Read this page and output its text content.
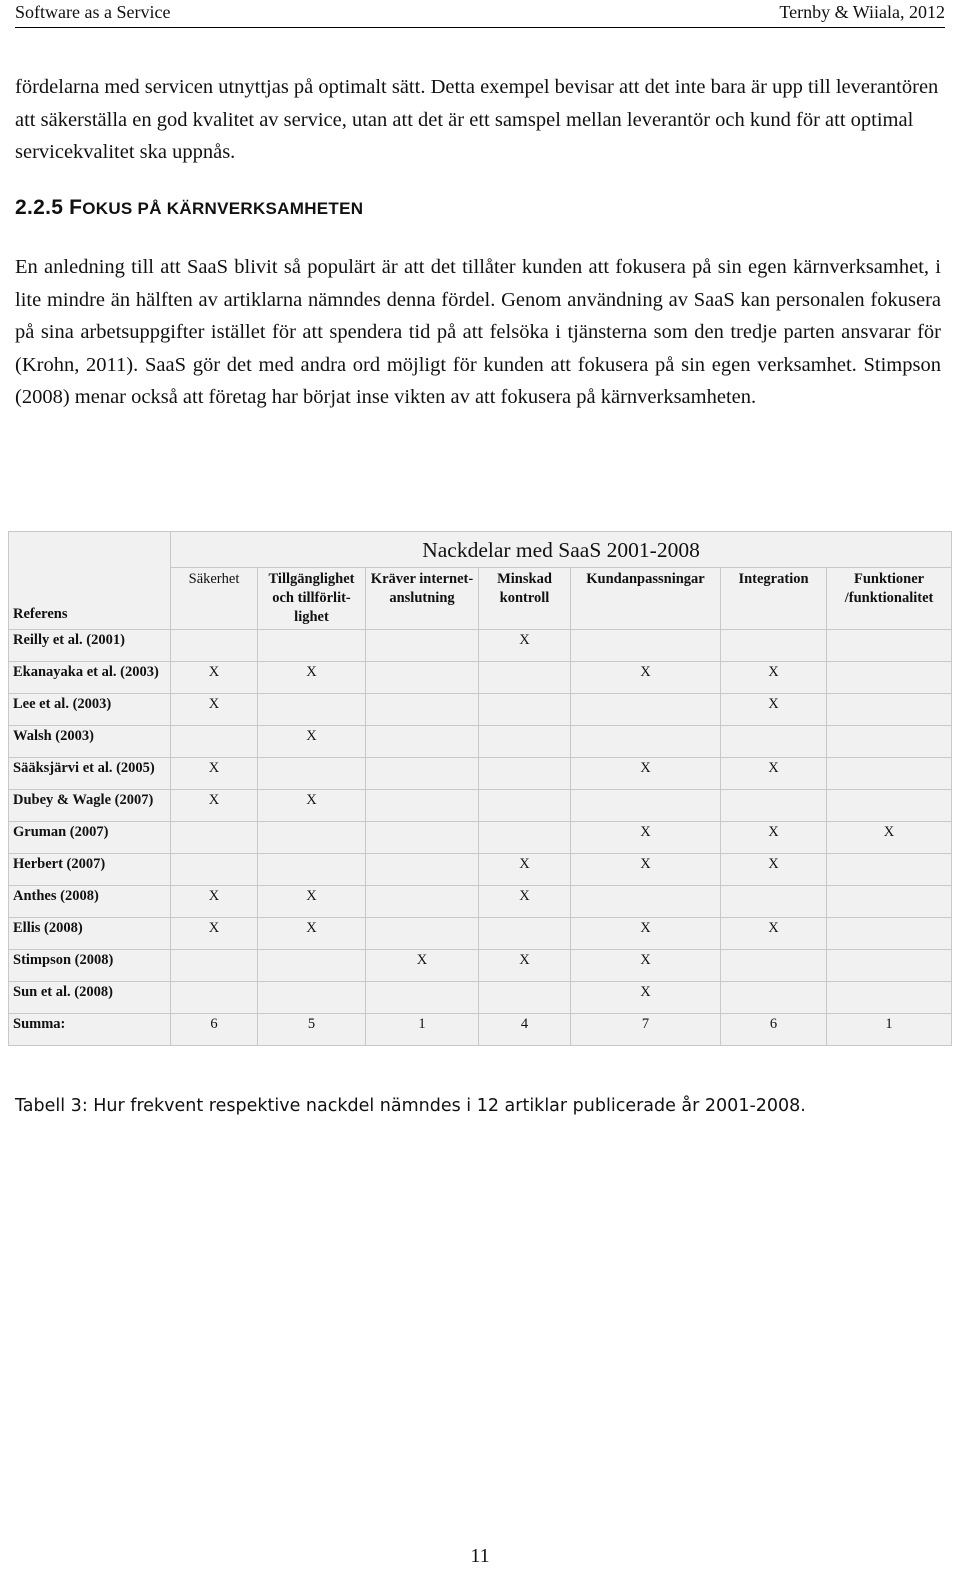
Software as a Service	Ternby & Wiiala, 2012

fördelarna med servicen utnyttjas på optimalt sätt. Detta exempel bevisar att det inte bara är upp till leverantören att säkerställa en god kvalitet av service, utan att det är ett samspel mellan leverantör och kund för att optimal servicekvalitet ska uppnås.

2.2.5 FOKUS PÅ KÄRNVERKSAMHETEN

En anledning till att SaaS blivit så populärt är att det tillåter kunden att fokusera på sin egen kärnverksamhet, i lite mindre än hälften av artiklarna nämndes denna fördel. Genom användning av SaaS kan personalen fokusera på sina arbetsuppgifter istället för att spendera tid på att felsöka i tjänsterna som den tredje parten ansvarar för (Krohn, 2011). SaaS gör det med andra ord möjligt för kunden att fokusera på sin egen verksamhet. Stimpson (2008) menar också att företag har börjat inse vikten av att fokusera på kärnverksamheten.

Referens	Nackdelar med SaaS 2001-2008						
	Säkerhet	Tillgänglighet och tillförlit-lighet	Kräver internet-anslutning	Minskad kontroll	Kundanpassningar	Integration	Funktioner /funktionalitet
Reilly et al. (2001)				X			
Ekanayaka et al. (2003)	X	X			X	X	
Lee et al. (2003)	X					X	
Walsh (2003)		X					
Sääksjärvi et al. (2005)	X				X	X	
Dubey & Wagle (2007)	X	X					
Gruman (2007)					X	X	X
Herbert (2007)				X	X	X	
Anthes (2008)	X	X		X			
Ellis (2008)	X	X			X	X	
Stimpson (2008)			X	X	X		
Sun et al. (2008)					X		
Summa:	6	5	1	4	7	6	1
Tabell 3: Hur frekvent respektive nackdel nämndes i 12 artiklar publicerade år 2001-2008.
11
